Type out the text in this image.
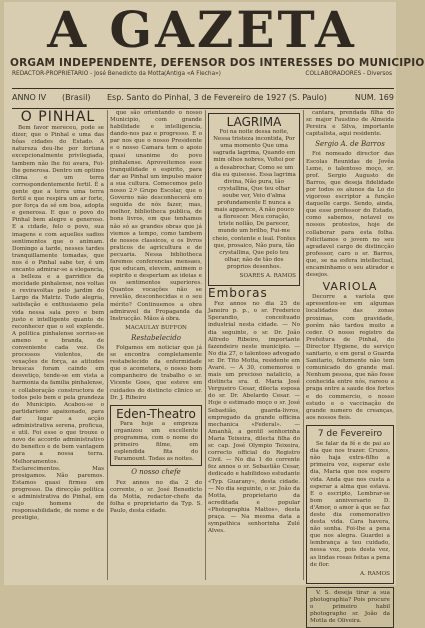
A GAZETA
ORGAM INDEPENDENTE, DEFENSOR DOS INTERESSES DO MUNICIPIO
REDACTOR-PROPRIETARIO - José Benedicto da Motta (Antiga «A Flecha»)	COLLABORADORES - Diversos
ANNO IV (Brasil) Esp. Santo do Pinhal, 3 de Fevereiro de 1927 (S. Paulo)	NUM. 169
O PINHAL

Bem favor mereceu, pode se dizer, que o Pinhal e uma das bôas cidades do Estado. A natureza deu-lhe por fortuna excepcionalmente privilegiada, tambem não lhe foi avara, Foi-lhe generosa. Dentro um optimo clima e um terra correspondentemente fertil. É a gente que a terra uma terra fertil e que respira um ar forte, por força da sé em boa, adopta e generosa. E que o povo do Pinhal bem alegre e generoso. E a cidade, felo o povo, sua imagens e com aquelles sadios sentimentos que o animam. Domingo a tarde, nesses tardes tranquillamente tomadas, que nos é o Pinhal sabe ter, é um encanto admirar-se a elegancia, a belleza e a garridice da mocidade pinhalense, nos voltas e reviravoltas pelo jardim do Largo da Matriz. Tudo alegria, satisfação e enthusiasmo pela vida nessa sala povo e bem justo e intelligente quanto de reconhecer que o sol explende. A politica pinhalense sorriso-se ameno e branda, de conveniente cada vez. Os processos violentos, de vexações de força, as atitudes bruscas foram caindo em desvetiço, tende-se em vista a harmonia da familia pinhalense, e collaboração constructora de todos pelo bem e pela grandeza do Municipio. Acabou-se o partidarismo apaixonado, para dar lugar a acção administrativa serena, proficua, e util. Foi esse o que trouxe o novo de accordo administrativo do benefico e de bem vantagem para a nossa terra. Melhoramentos. Esclarecimentos. Mas prosigamos. Não paremos. Estamos quasi firmes em progresso. Da direcção politica e administrativa do Pinhal, em cujo homens de responsabilidade, de nome e de prestigio,

que são orientando o nosso Municipio, com grande habilidade e intelligencia, dando-nos paz e progresso. E o par nos que o nosso Presidente e o nosso Camara tem o apoio quasi unanime do povo pinhalense. Aproveitemos esse tranquilidade e espirito, para dar ao Pinhal um impulso maior a sua cultura. Comecemos pelo nosso 2.º Grupo Escolar, que o Governo não desconhecerá em seguida de nós fazer, mas, melhor, bibliotheca publica, de bons livros, em que tenhamos não só as grandes obras que já viemos a tempo, como tambem de nossos classicos, e os livros praticos de agricultura e de pecuaria. Nessa bibliotheca faremos conferencias mensaes, que educam, elevem, animem o espirito e despertam as ideias e os sentimentos superiores. Quantos vocações não se revelão, desconhecidas e o seu mérito? Continuemos a obra admiravel da Propaganda da Instrucção. Mãos á obra.

MACAULAY BUFFON
Restabelecido

Folgamos em noticiar que já se encontra completamente restabelecido da enfermidade que o acometera, o nosso bom companheiro de trabalho o sr. Vicente Goes, que esteve em cuidados do distincto clinico sr. Dr. J. Ribeiro

Eden-Theatro

Para hoje a empreza organizou um excellente programma, com o nome do primeiro filme, em esplendida fita do Paramount. Todas as noites.

O nosso chefe

Fez annos no dia 2 do corrente, o sr. José Benedicto da Motta, redactor-chefe da folha e proprietario da Typ. S. Paulo, desta cidade.

LAGRIMA

Foi na noite dessa noite, Nessa tristeza incontida, Por uma momento Que uma sagrada lagrima, Quando em mim olhos nobres, Voltei por a desabrochar, Como se um dia eu quisesse. Essa lagrima divina, Não pura, tão crystallina, Que teu olhar soube ver, Veio d'alma profundamente E nunca a mais apparece, A não pouco a florescer. Meu coração, triste nollão, De parecer, mundo um brilho, Fui-me cheio, contente e leal. Fontes que, prosaico, Não pura, tão crystallina, Que pelo teu olhar, não de tão dos proprios desenhos.

SOARES A. RAMOS
Emboras

Fez annos no dia 25 de Janeiro p. p., o sr. Frederico Sperandio, conceituado industrial nesta cidade. — No dia seguinte, o sr. Dr. João Alfredo Ribeiro, importante fazendeiro neste municipio. — No dia 27, o talentoso advogado sr. Dr. Tito Motta, residente em Avaré. — A 30, comemorou o mais um precioso natalicio, a distincta sra. d. Maria José Vergueiro Cesar, dilecta esposa do sr. Dr. Abelardo Cesar. — Hoje o estimado moço o sr. José Sebastião, guarda-livros, empregado da grande officina mechanica «Federal». — Amanhã, a gentil senhorinha Maria Teixeira, dilecta filha do sr. cap. José Olympio Teixeira, correcto official do Registro Civil. — No dia 1 do corrente fez annos o sr. Sebastião Cesar, dedicado e habilidoso estudante «Typ. Guarany», desta cidade. — No dia seguinte, o sr. João da Motta, proprietario da acreditada e popular «Photographia Mattos», desta praça. — Na mesma data a sympathica senhorinha Zulé Alves.

cantara, prendada filha do sr. major Faustino de Almeida Pereira e Silva, importante capitalista, aqui residente.

Sergio A. de Barros

Foi nomeado director das Escolas Reunidas de Jovêa Leme, o talentoso moço, sr. prof. Sergio Augusto de Barros, que deseja fidelidade por todos os alunos da Lo do vigoroso escriptor a função daquelle cargo. Sendo, ainda, que esse professor do Estado, como sabemos, notavel os nossos protestos, hoje de collaborar para esta folha. Felicitamos o jovem no seu agradavel cargo de distincção professor, caro o sr. Barros, que, se na esfera intellectual, encaminhamo o seu atirador e desejos.

VARIOLA

Decorre a varíola que apresentou-se em algumas localidades das zonas proximas, com gravidade, porém não tardou muito a ceder. O nosso registro da Prefeitura de Pinhal, do Director Hygiene, do serviço sanitario, e em geral o Guarda Sanitario, felizmente não tem comunicado do grande mal. Nenhum pessoa, que não fosse conhecida entre nós, rareou a praga entre a saude dos fortes e do commercio, o nosso estudo e o vaccinação de grande numero de creanças, aos nossos fieis.

7 de Fevereiro

Se falar da fé e de pai ao dia que nos trazer. Cruzes, não haja extra-filho a primeira voz, esperar este dia, Maria que nos espero vida. Anda que nos custa a esperar a alma que estava. E o escripto, Lembrar-se bom anniversario D. d'Amor, o amor à que se faz deste dia comemorativo desta vida. Cara havera, não sonha. Foi-lhe a pena que nos alegra. Guardei a lembrança a teu cuidado, nessa voz, pois desta vez, as lindas rosas feitas a pena de flor.

A. RAMOS

V. S. deseja tirar a sua photographia? Pois procure o primeiro habil photographo sr. João da Motta de Oliveira.
